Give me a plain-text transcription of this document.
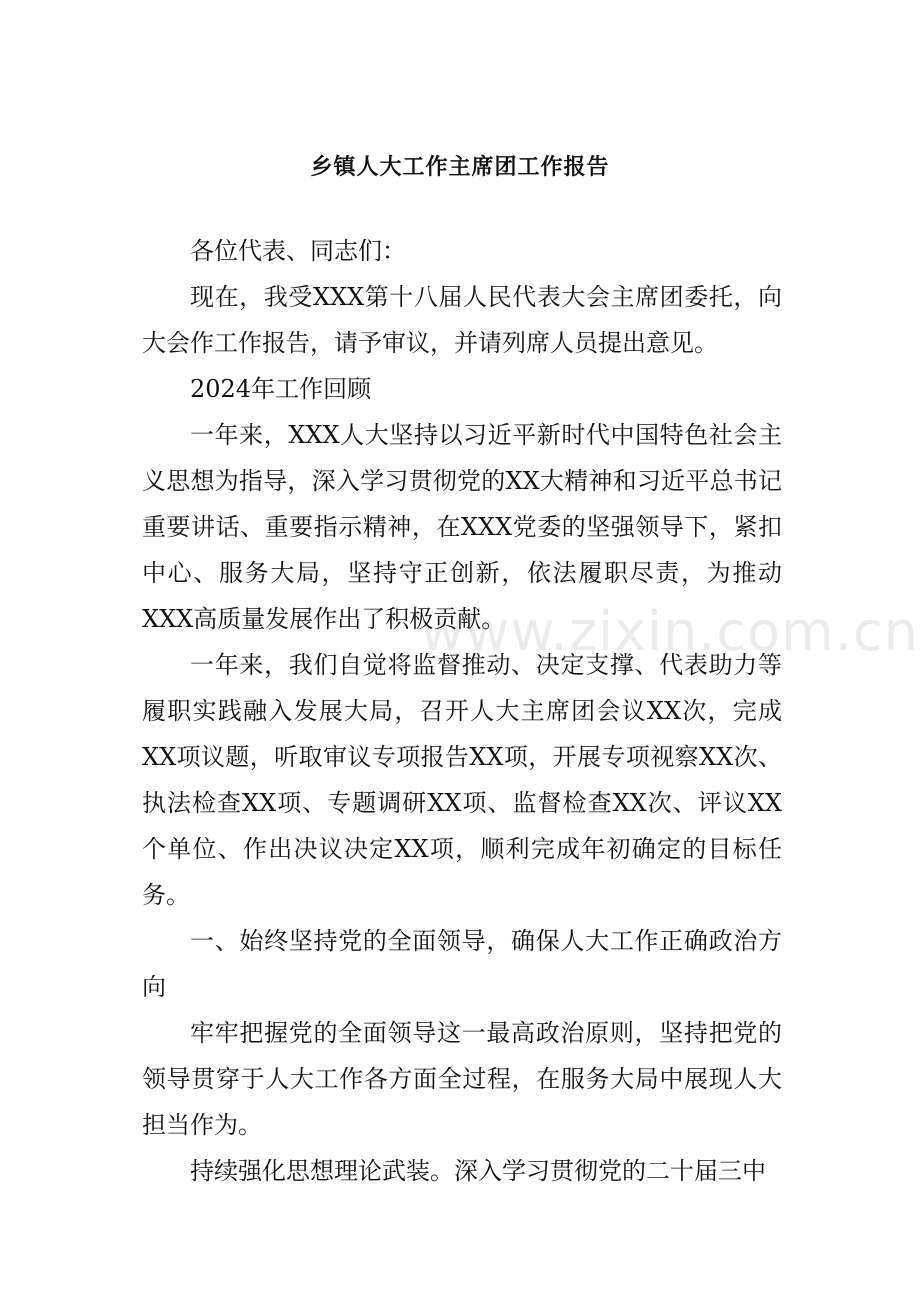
乡镇人大工作主席团工作报告

各位代表、同志们：

现在，我受XXX第十八届人民代表大会主席团委托，向大会作工作报告，请予审议，并请列席人员提出意见。

2024年工作回顾

一年来，XXX人大坚持以习近平新时代中国特色社会主义思想为指导，深入学习贯彻党的XX大精神和习近平总书记重要讲话、重要指示精神，在XXX党委的坚强领导下，紧扣中心、服务大局，坚持守正创新，依法履职尽责，为推动XXX高质量发展作出了积极贡献。

一年来，我们自觉将监督推动、决定支撑、代表助力等履职实践融入发展大局，召开人大主席团会议XX次，完成XX项议题，听取审议专项报告XX项，开展专项视察XX次、执法检查XX项、专题调研XX项、监督检查XX次、评议XX个单位、作出决议决定XX项，顺利完成年初确定的目标任务。

一、始终坚持党的全面领导，确保人大工作正确政治方向

牢牢把握党的全面领导这一最高政治原则，坚持把党的领导贯穿于人大工作各方面全过程，在服务大局中展现人大担当作为。

持续强化思想理论武装。深入学习贯彻党的二十届三中

www.zixin.com.cn
